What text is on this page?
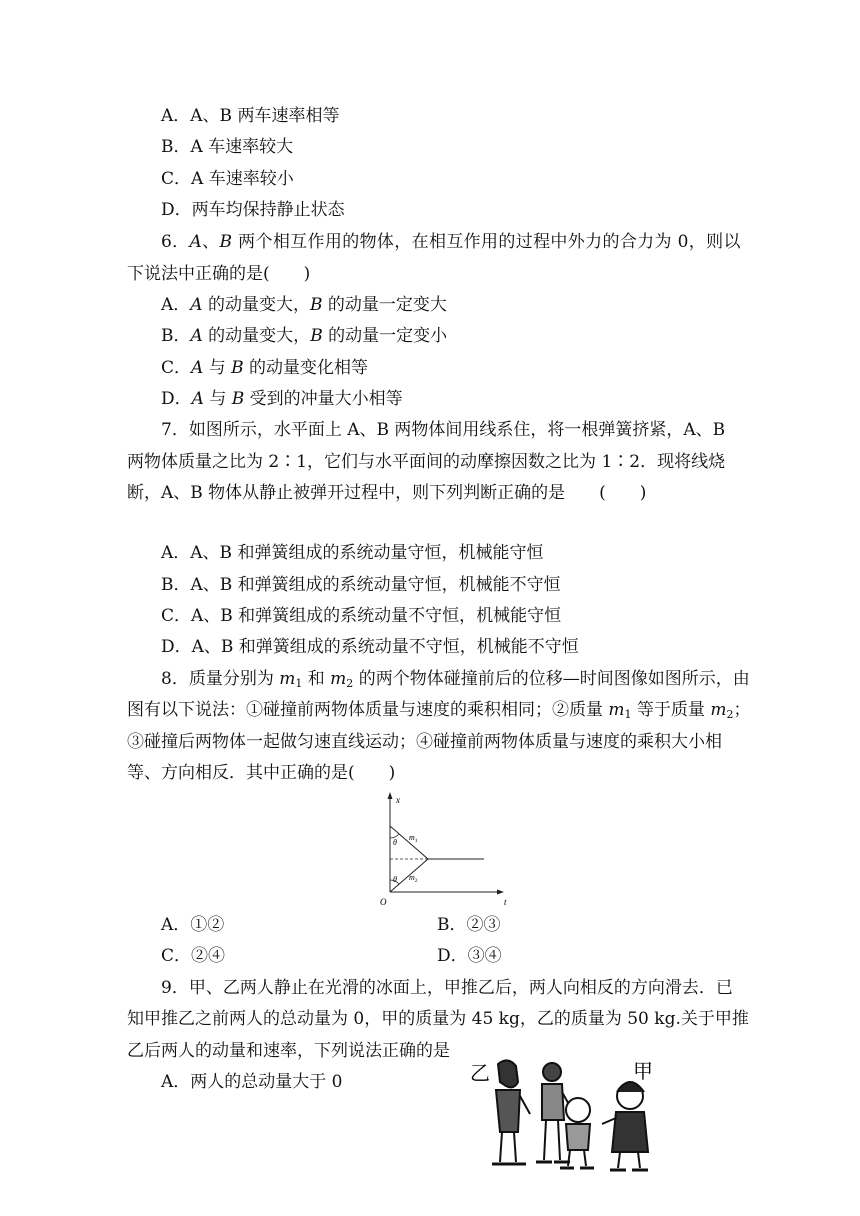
A．A、B 两车速率相等
B．A 车速率较大
C．A 车速率较小
D．两车均保持静止状态
6．A、B 两个相互作用的物体，在相互作用的过程中外力的合力为 0，则以
下说法中正确的是(　　)
A．A 的动量变大，B 的动量一定变大
B．A 的动量变大，B 的动量一定变小
C．A 与 B 的动量变化相等
D．A 与 B 受到的冲量大小相等
7．如图所示，水平面上 A、B 两物体间用线系住，将一根弹簧挤紧，A、B
两物体质量之比为 2∶1，它们与水平面间的动摩擦因数之比为 1∶2．现将线烧
断，A、B 物体从静止被弹开过程中，则下列判断正确的是　　(　　)
A．A、B 和弹簧组成的系统动量守恒，机械能守恒
B．A、B 和弹簧组成的系统动量守恒，机械能不守恒
C．A、B 和弹簧组成的系统动量不守恒，机械能守恒
D．A、B 和弹簧组成的系统动量不守恒，机械能不守恒
8．质量分别为 $m_1$ 和 $m_2$ 的两个物体碰撞前后的位移—时间图像如图所示，由
图有以下说法：①碰撞前两物体质量与速度的乘积相同；②质量 $m_1$ 等于质量 $m_2$；
③碰撞后两物体一起做匀速直线运动；④碰撞前两物体质量与速度的乘积大小相
等、方向相反．其中正确的是(　　)
x
t
O
θ
θ
$m_1$
$m_2$
A．①②	B．②③
C．②④	D．③④
9．甲、乙两人静止在光滑的冰面上，甲推乙后，两人向相反的方向滑去．已
知甲推乙之前两人的总动量为 0，甲的质量为 45 kg，乙的质量为 50 kg.关于甲推
乙后两人的动量和速率，下列说法正确的是
A．两人的总动量大于 0	乙	甲
